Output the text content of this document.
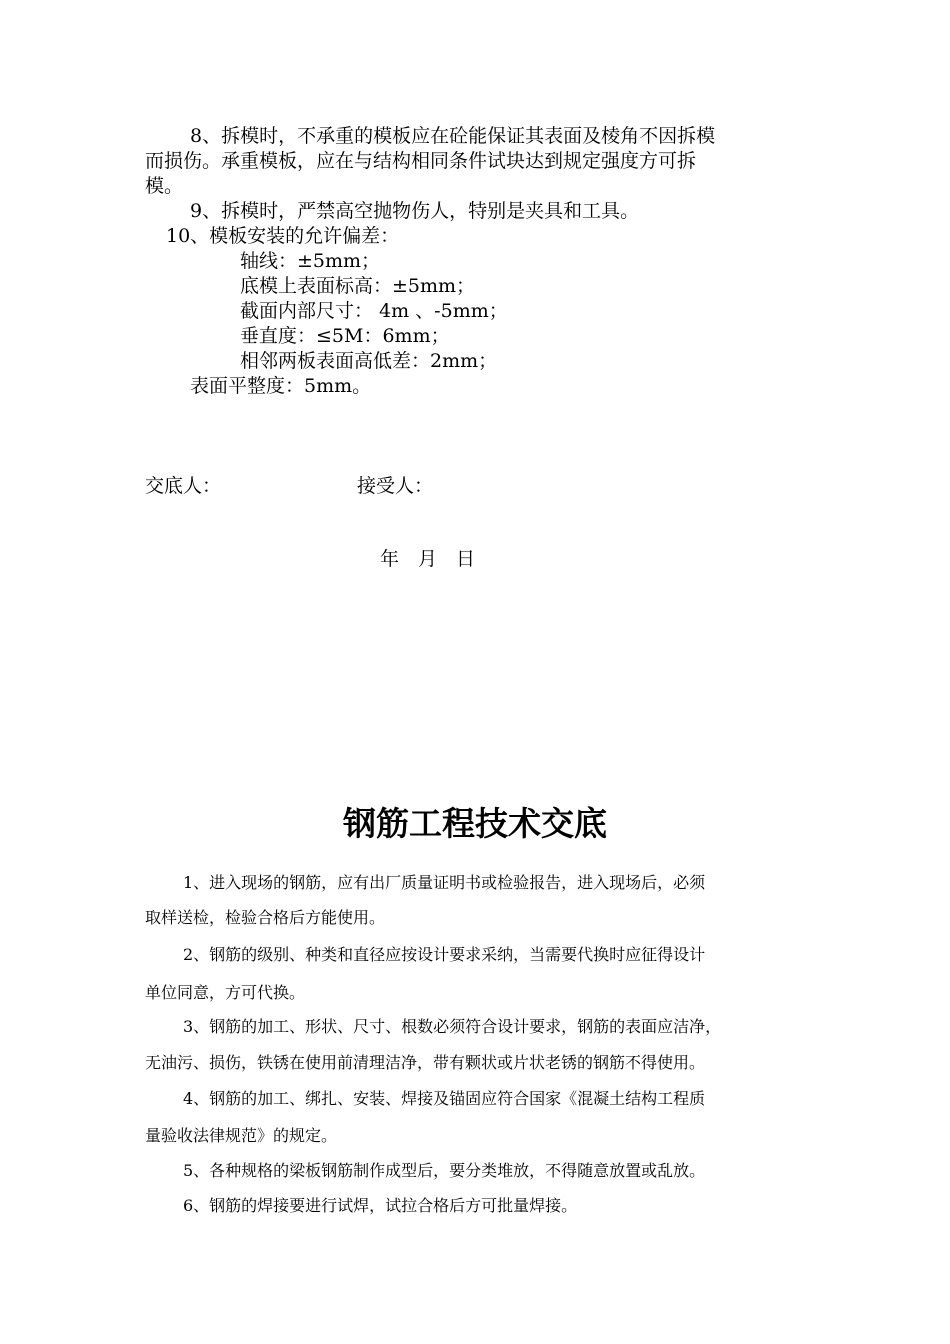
8、拆模时，不承重的模板应在砼能保证其表面及棱角不因拆模

而损伤。承重模板，应在与结构相同条件试块达到规定强度方可拆

模。

9、拆模时，严禁高空抛物伤人，特别是夹具和工具。

10、模板安装的允许偏差：

轴线：±5mm；

底模上表面标高：±5mm；

截面内部尺寸： 4m 、-5mm；

垂直度：≤5M：6mm；

相邻两板表面高低差：2mm；

表面平整度：5mm。

交底人：	接受人：

年　月　日

钢筋工程技术交底

1、进入现场的钢筋，应有出厂质量证明书或检验报告，进入现场后，必须

取样送检，检验合格后方能使用。

2、钢筋的级别、种类和直径应按设计要求采纳，当需要代换时应征得设计

单位同意，方可代换。

3、钢筋的加工、形状、尺寸、根数必须符合设计要求，钢筋的表面应洁净，

无油污、损伤，铁锈在使用前清理洁净，带有颗状或片状老锈的钢筋不得使用。

4、钢筋的加工、绑扎、安装、焊接及锚固应符合国家《混凝土结构工程质

量验收法律规范》的规定。

5、各种规格的梁板钢筋制作成型后，要分类堆放，不得随意放置或乱放。

6、钢筋的焊接要进行试焊，试拉合格后方可批量焊接。
